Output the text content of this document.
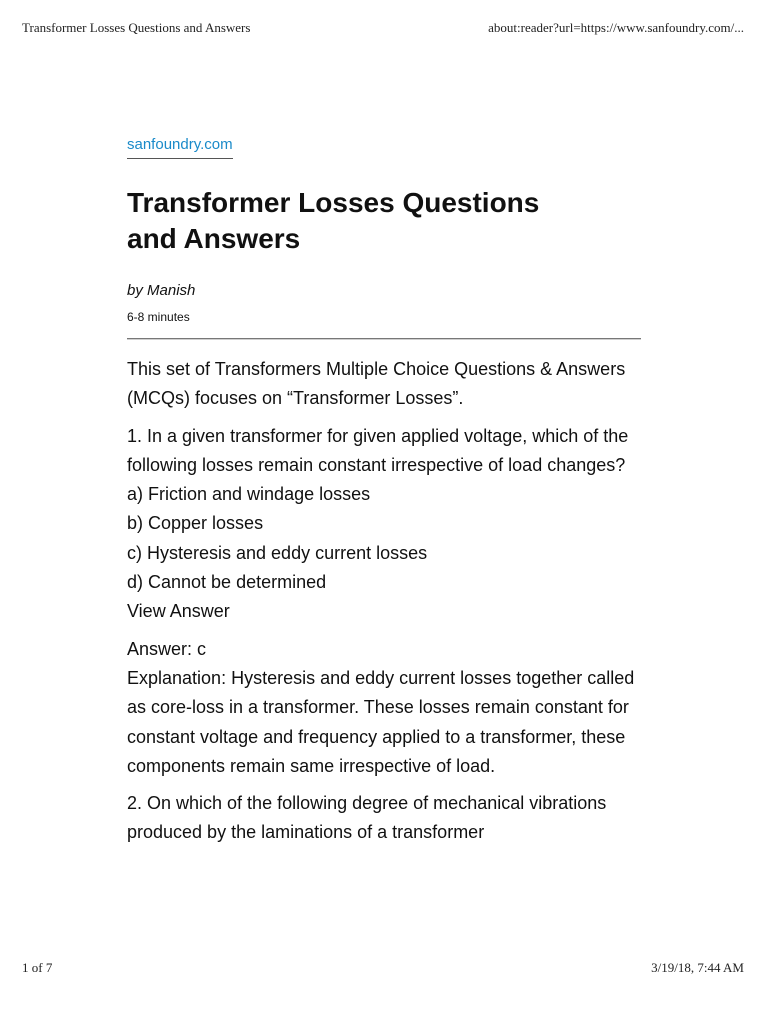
Transformer Losses Questions and Answers	about:reader?url=https://www.sanfoundry.com/...
sanfoundry.com
Transformer Losses Questions
and Answers
by Manish
6-8 minutes

This set of Transformers Multiple Choice Questions & Answers (MCQs) focuses on “Transformer Losses”.

1. In a given transformer for given applied voltage, which of the following losses remain constant irrespective of load changes?
a) Friction and windage losses
b) Copper losses
c) Hysteresis and eddy current losses
d) Cannot be determined
View Answer

Answer: c
Explanation: Hysteresis and eddy current losses together called as core-loss in a transformer. These losses remain constant for constant voltage and frequency applied to a transformer, these components remain same irrespective of load.

2. On which of the following degree of mechanical vibrations produced by the laminations of a transformer

1 of 7	3/19/18, 7:44 AM
